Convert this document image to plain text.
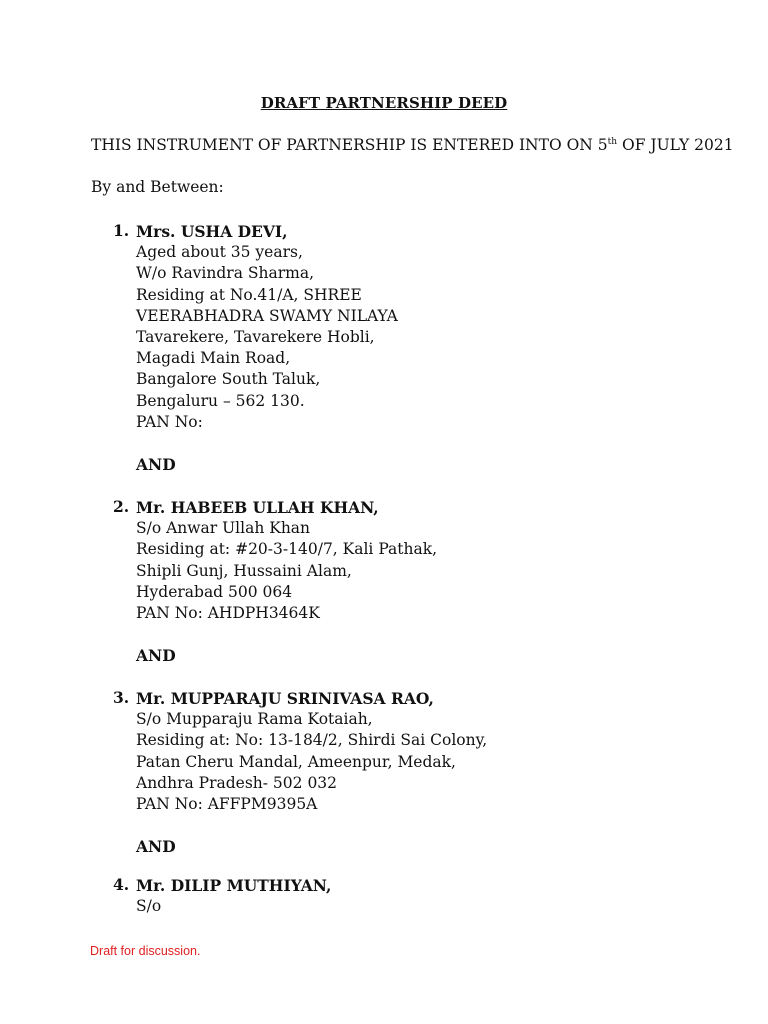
DRAFT PARTNERSHIP DEED
THIS INSTRUMENT OF PARTNERSHIP IS ENTERED INTO ON 5th OF JULY 2021
By and Between:
1. Mrs. USHA DEVI,
Aged about 35 years,
W/o Ravindra Sharma,
Residing at No.41/A, SHREE
VEERABHADRA SWAMY NILAYA
Tavarekere, Tavarekere Hobli,
Magadi Main Road,
Bangalore South Taluk,
Bengaluru – 562 130.
PAN No:
AND
2. Mr. HABEEB ULLAH KHAN,
S/o Anwar Ullah Khan
Residing at: #20-3-140/7, Kali Pathak,
Shipli Gunj, Hussaini Alam,
Hyderabad 500 064
PAN No: AHDPH3464K
AND
3. Mr. MUPPARAJU SRINIVASA RAO,
S/o Mupparaju Rama Kotaiah,
Residing at: No: 13-184/2, Shirdi Sai Colony,
Patan Cheru Mandal, Ameenpur, Medak,
Andhra Pradesh- 502 032
PAN No: AFFPM9395A
AND
4. Mr. DILIP MUTHIYAN,
S/o
Draft for discussion.
